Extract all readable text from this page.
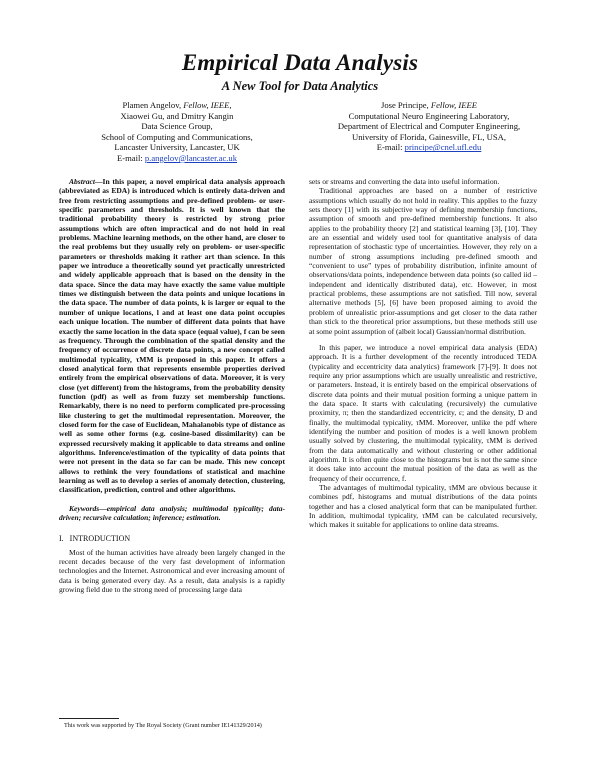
Empirical Data Analysis
A New Tool for Data Analytics
Plamen Angelov, Fellow, IEEE,
Xiaowei Gu, and Dmitry Kangin
Data Science Group,
School of Computing and Communications,
Lancaster University, Lancaster, UK
E-mail: p.angelov@lancaster.ac.uk
Jose Principe, Fellow, IEEE
Computational Neuro Engineering Laboratory,
Department of Electrical and Computer Engineering,
University of Florida, Gainesville, FL, USA,
E-mail: principe@cnel.ufl.edu

Abstract—In this paper, a novel empirical data analysis approach (abbreviated as EDA) is introduced which is entirely data-driven and free from restricting assumptions and pre-defined problem- or user-specific parameters and thresholds. It is well known that the traditional probability theory is restricted by strong prior assumptions which are often impractical and do not hold in real problems. Machine learning methods, on the other hand, are closer to the real problems but they usually rely on problem- or user-specific parameters or thresholds making it rather art than science. In this paper we introduce a theoretically sound yet practically unrestricted and widely applicable approach that is based on the density in the data space. Since the data may have exactly the same value multiple times we distinguish between the data points and unique locations in the data space. The number of data points, k is larger or equal to the number of unique locations, l and at least one data point occupies each unique location. The number of different data points that have exactly the same location in the data space (equal value), f can be seen as frequency. Through the combination of the spatial density and the frequency of occurrence of discrete data points, a new concept called multimodal typicality, τMM is proposed in this paper. It offers a closed analytical form that represents ensemble properties derived entirely from the empirical observations of data. Moreover, it is very close (yet different) from the histograms, from the probability density function (pdf) as well as from fuzzy set membership functions. Remarkably, there is no need to perform complicated pre-processing like clustering to get the multimodal representation. Moreover, the closed form for the case of Euclidean, Mahalanobis type of distance as well as some other forms (e.g. cosine-based dissimilarity) can be expressed recursively making it applicable to data streams and online algorithms. Inference/estimation of the typicality of data points that were not present in the data so far can be made. This new concept allows to rethink the very foundations of statistical and machine learning as well as to develop a series of anomaly detection, clustering, classification, prediction, control and other algorithms.

Keywords—empirical data analysis; multimodal typicality; data-driven; recursive calculation; inference; estimation.

I. INTRODUCTION

Most of the human activities have already been largely changed in the recent decades because of the very fast development of information technologies and the Internet. Astronomical and ever increasing amount of data is being generated every day. As a result, data analysis is a rapidly growing field due to the strong need of processing large data

sets or streams and converting the data into useful information.

Traditional approaches are based on a number of restrictive assumptions which usually do not hold in reality. This applies to the fuzzy sets theory [1] with its subjective way of defining membership functions, assumption of smooth and pre-defined membership functions. It also applies to the probability theory [2] and statistical learning [3], [10]. They are an essential and widely used tool for quantitative analysis of data representation of stochastic type of uncertainties. However, they rely on a number of strong assumptions including pre-defined smooth and “convenient to use” types of probability distribution, infinite amount of observations/data points, independence between data points (so called iid – independent and identically distributed data), etc. However, in most practical problems, these assumptions are not satisfied. Till now, several alternative methods [5], [6] have been proposed aiming to avoid the problem of unrealistic prior-assumptions and get closer to the data rather than stick to the theoretical prior assumptions, but these methods still use at some point assumption of (albeit local) Gaussian/normal distribution.

In this paper, we introduce a novel empirical data analysis (EDA) approach. It is a further development of the recently introduced TEDA (typicality and eccentricity data analytics) framework [7]-[9]. It does not require any prior assumptions which are usually unrealistic and restrictive, or parameters. Instead, it is entirely based on the empirical observations of discrete data points and their mutual position forming a unique pattern in the data space. It starts with calculating (recursively) the cumulative proximity, π; then the standardized eccentricity, ε; and the density, D and finally, the multimodal typicality, τMM. Moreover, unlike the pdf where identifying the number and position of modes is a well known problem usually solved by clustering, the multimodal typicality, τMM is derived from the data automatically and without clustering or other additional algorithm. It is often quite close to the histograms but is not the same since it does take into account the mutual position of the data as well as the frequency of their occurrence, f.

The advantages of multimodal typicality, τMM are obvious because it combines pdf, histograms and mutual distributions of the data points together and has a closed analytical form that can be manipulated further. In addition, multimodal typicality, τMM can be calculated recursively, which makes it suitable for applications to online data streams.

This work was supported by The Royal Society (Grant number IE141329/2014)
